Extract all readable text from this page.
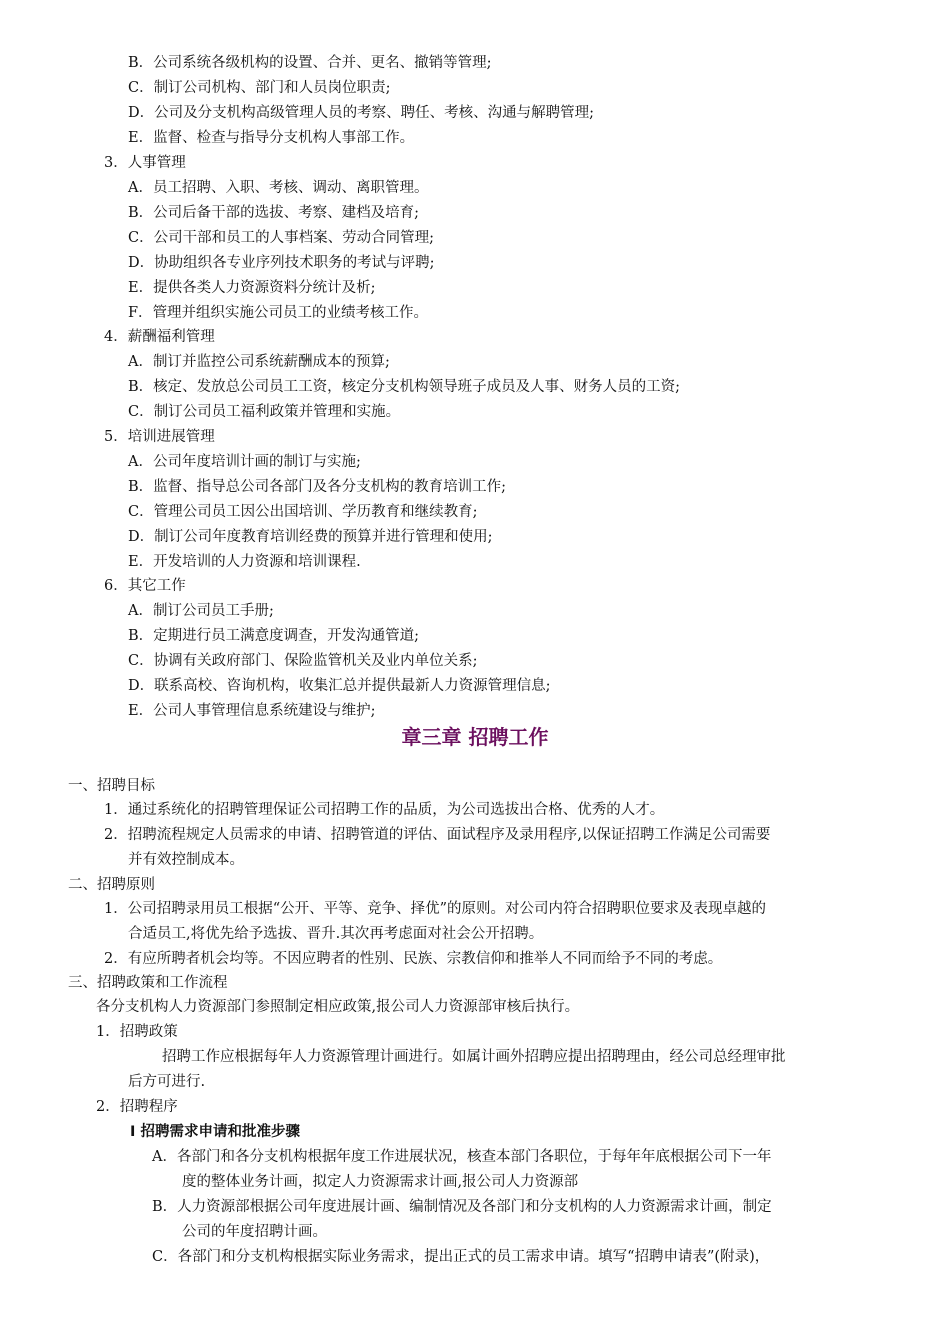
B．公司系统各级机构的设置、合并、更名、撤销等管理;
C．制订公司机构、部门和人员岗位职责;
D．公司及分支机构高级管理人员的考察、聘任、考核、沟通与解聘管理;
E．监督、检查与指导分支机构人事部工作。
3．人事管理
A．员工招聘、入职、考核、调动、离职管理。
B．公司后备干部的选拔、考察、建档及培育;
C．公司干部和员工的人事档案、劳动合同管理;
D．协助组织各专业序列技术职务的考试与评聘;
E．提供各类人力资源资料分统计及析;
F．管理并组织实施公司员工的业绩考核工作。
4．薪酬福利管理
A．制订并监控公司系统薪酬成本的预算;
B．核定、发放总公司员工工资，核定分支机构领导班子成员及人事、财务人员的工资;
C．制订公司员工福利政策并管理和实施。
5．培训进展管理
A．公司年度培训计画的制订与实施;
B．监督、指导总公司各部门及各分支机构的教育培训工作;
C．管理公司员工因公出国培训、学历教育和继续教育;
D．制订公司年度教育培训经费的预算并进行管理和使用;
E．开发培训的人力资源和培训课程.
6．其它工作
A．制订公司员工手册;
B．定期进行员工满意度调查，开发沟通管道;
C．协调有关政府部门、保险监管机关及业内单位关系;
D．联系高校、咨询机构，收集汇总并提供最新人力资源管理信息;
E．公司人事管理信息系统建设与维护;
章三章 招聘工作
一、招聘目标
1．通过系统化的招聘管理保证公司招聘工作的品质，为公司选拔出合格、优秀的人才。
2．招聘流程规定人员需求的申请、招聘管道的评估、面试程序及录用程序,以保证招聘工作满足公司需要
并有效控制成本。
二、招聘原则
1．公司招聘录用员工根据“公开、平等、竞争、择优”的原则。对公司内符合招聘职位要求及表现卓越的
合适员工,将优先给予选拔、晋升.其次再考虑面对社会公开招聘。
2．有应所聘者机会均等。不因应聘者的性别、民族、宗教信仰和推举人不同而给予不同的考虑。
三、招聘政策和工作流程
各分支机构人力资源部门参照制定相应政策,报公司人力资源部审核后执行。
1．招聘政策
招聘工作应根据每年人力资源管理计画进行。如属计画外招聘应提出招聘理由，经公司总经理审批
后方可进行.
2．招聘程序
Ⅰ 招聘需求申请和批准步骤
A．各部门和各分支机构根据年度工作进展状况，核查本部门各职位，于每年年底根据公司下一年
度的整体业务计画，拟定人力资源需求计画,报公司人力资源部
B．人力资源部根据公司年度进展计画、编制情况及各部门和分支机构的人力资源需求计画，制定
公司的年度招聘计画。
C．各部门和分支机构根据实际业务需求，提出正式的员工需求申请。填写“招聘申请表”(附录)，
